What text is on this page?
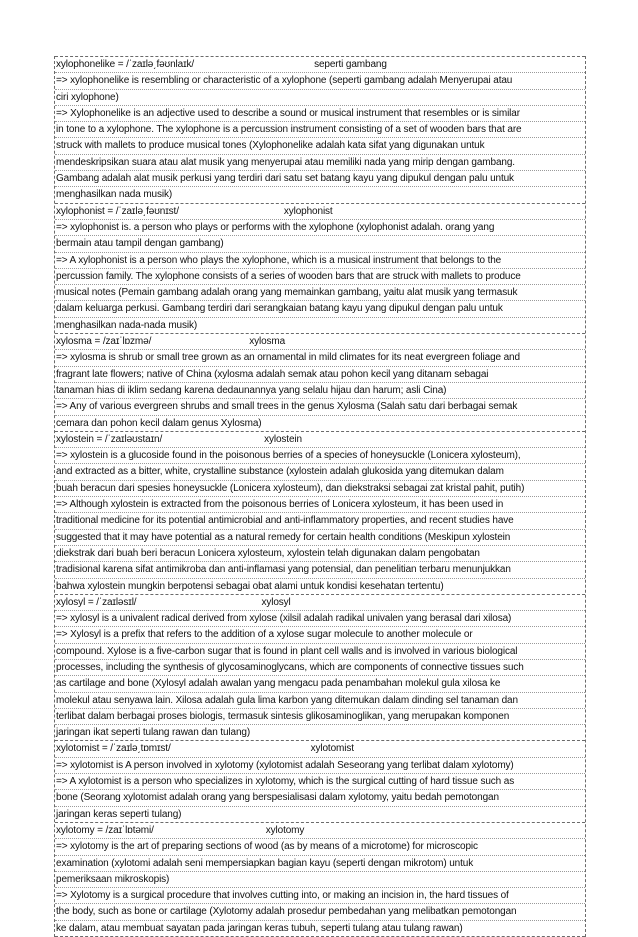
xylophonelike = /ˈzaɪlə͵fəʊnlaɪk/	seperti gambang
=> xylophonelike is resembling or characteristic of a xylophone (seperti gambang adalah Menyerupai atau
ciri xylophone)
=> Xylophonelike is an adjective used to describe a sound or musical instrument that resembles or is similar
in tone to a xylophone. The xylophone is a percussion instrument consisting of a set of wooden bars that are
struck with mallets to produce musical tones (Xylophonelike adalah kata sifat yang digunakan untuk
mendeskripsikan suara atau alat musik yang menyerupai atau memiliki nada yang mirip dengan gambang.
Gambang adalah alat musik perkusi yang terdiri dari satu set batang kayu yang dipukul dengan palu untuk
menghasilkan nada musik)
xylophonist = /ˈzaɪlə͵fəʊnɪst/	xylophonist
=> xylophonist is. a person who plays or performs with the xylophone (xylophonist adalah. orang yang
bermain atau tampil dengan gambang)
=> A xylophonist is a person who plays the xylophone, which is a musical instrument that belongs to the
percussion family. The xylophone consists of a series of wooden bars that are struck with mallets to produce
musical notes (Pemain gambang adalah orang yang memainkan gambang, yaitu alat musik yang termasuk
dalam keluarga perkusi. Gambang terdiri dari serangkaian batang kayu yang dipukul dengan palu untuk
menghasilkan nada-nada musik)
xylosma = /zaɪˈlɒzmə/	xylosma
=> xylosma is shrub or small tree grown as an ornamental in mild climates for its neat evergreen foliage and
fragrant late flowers; native of China (xylosma adalah semak atau pohon kecil yang ditanam sebagai
tanaman hias di iklim sedang karena dedaunannya yang selalu hijau dan harum; asli Cina)
=> Any of various evergreen shrubs and small trees in the genus Xylosma (Salah satu dari berbagai semak
cemara dan pohon kecil dalam genus Xylosma)
xylostein = /ˈzaɪləʊstaɪn/	xylostein
=> xylostein is a glucoside found in the poisonous berries of a species of honeysuckle (Lonicera xylosteum),
and extracted as a bitter, white, crystalline substance (xylostein adalah glukosida yang ditemukan dalam
buah beracun dari spesies honeysuckle (Lonicera xylosteum), dan diekstraksi sebagai zat kristal pahit, putih)
=> Although xylostein is extracted from the poisonous berries of Lonicera xylosteum, it has been used in
traditional medicine for its potential antimicrobial and anti-inflammatory properties, and recent studies have
suggested that it may have potential as a natural remedy for certain health conditions (Meskipun xylostein
diekstrak dari buah beri beracun Lonicera xylosteum, xylostein telah digunakan dalam pengobatan
tradisional karena sifat antimikroba dan anti-inflamasi yang potensial, dan penelitian terbaru menunjukkan
bahwa xylostein mungkin berpotensi sebagai obat alami untuk kondisi kesehatan tertentu)
xylosyl = /ˈzaɪləsɪl/	xylosyl
=> xylosyl is a univalent radical derived from xylose (xilsil adalah radikal univalen yang berasal dari xilosa)
=> Xylosyl is a prefix that refers to the addition of a xylose sugar molecule to another molecule or
compound. Xylose is a five-carbon sugar that is found in plant cell walls and is involved in various biological
processes, including the synthesis of glycosaminoglycans, which are components of connective tissues such
as cartilage and bone (Xylosyl adalah awalan yang mengacu pada penambahan molekul gula xilosa ke
molekul atau senyawa lain. Xilosa adalah gula lima karbon yang ditemukan dalam dinding sel tanaman dan
terlibat dalam berbagai proses biologis, termasuk sintesis glikosaminoglikan, yang merupakan komponen
jaringan ikat seperti tulang rawan dan tulang)
xylotomist = /ˈzaɪlə͵tɒmɪst/	xylotomist
=> xylotomist is A person involved in xylotomy (xylotomist adalah Seseorang yang terlibat dalam xylotomy)
=> A xylotomist is a person who specializes in xylotomy, which is the surgical cutting of hard tissue such as
bone (Seorang xylotomist adalah orang yang berspesialisasi dalam xylotomy, yaitu bedah pemotongan
jaringan keras seperti tulang)
xylotomy = /zaɪˈlɒtəmi/	xylotomy
=> xylotomy is the art of preparing sections of wood (as by means of a microtome) for microscopic
examination (xylotomi adalah seni mempersiapkan bagian kayu (seperti dengan mikrotom) untuk
pemeriksaan mikroskopis)
=> Xylotomy is a surgical procedure that involves cutting into, or making an incision in, the hard tissues of
the body, such as bone or cartilage (Xylotomy adalah prosedur pembedahan yang melibatkan pemotongan
ke dalam, atau membuat sayatan pada jaringan keras tubuh, seperti tulang atau tulang rawan)
